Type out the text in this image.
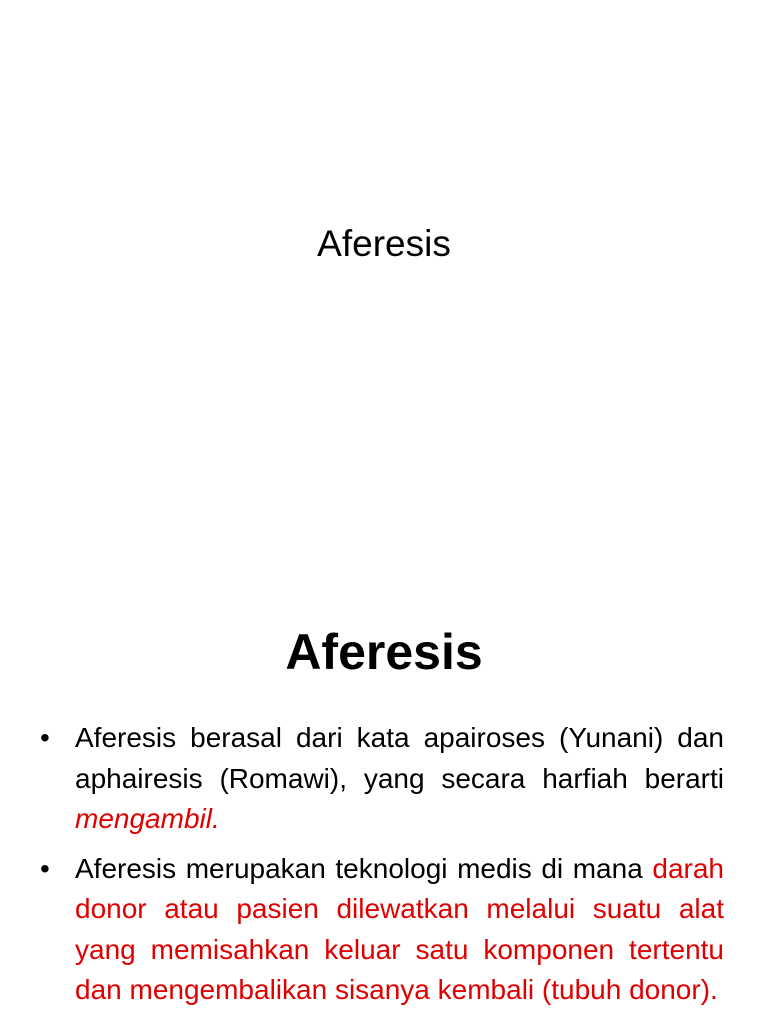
Aferesis
Aferesis
• Aferesis berasal dari kata apairoses (Yunani) dan aphairesis (Romawi), yang secara harfiah berarti mengambil.
• Aferesis merupakan teknologi medis di mana darah donor atau pasien dilewatkan melalui suatu alat yang memisahkan keluar satu komponen tertentu dan mengembalikan sisanya kembali (tubuh donor).
